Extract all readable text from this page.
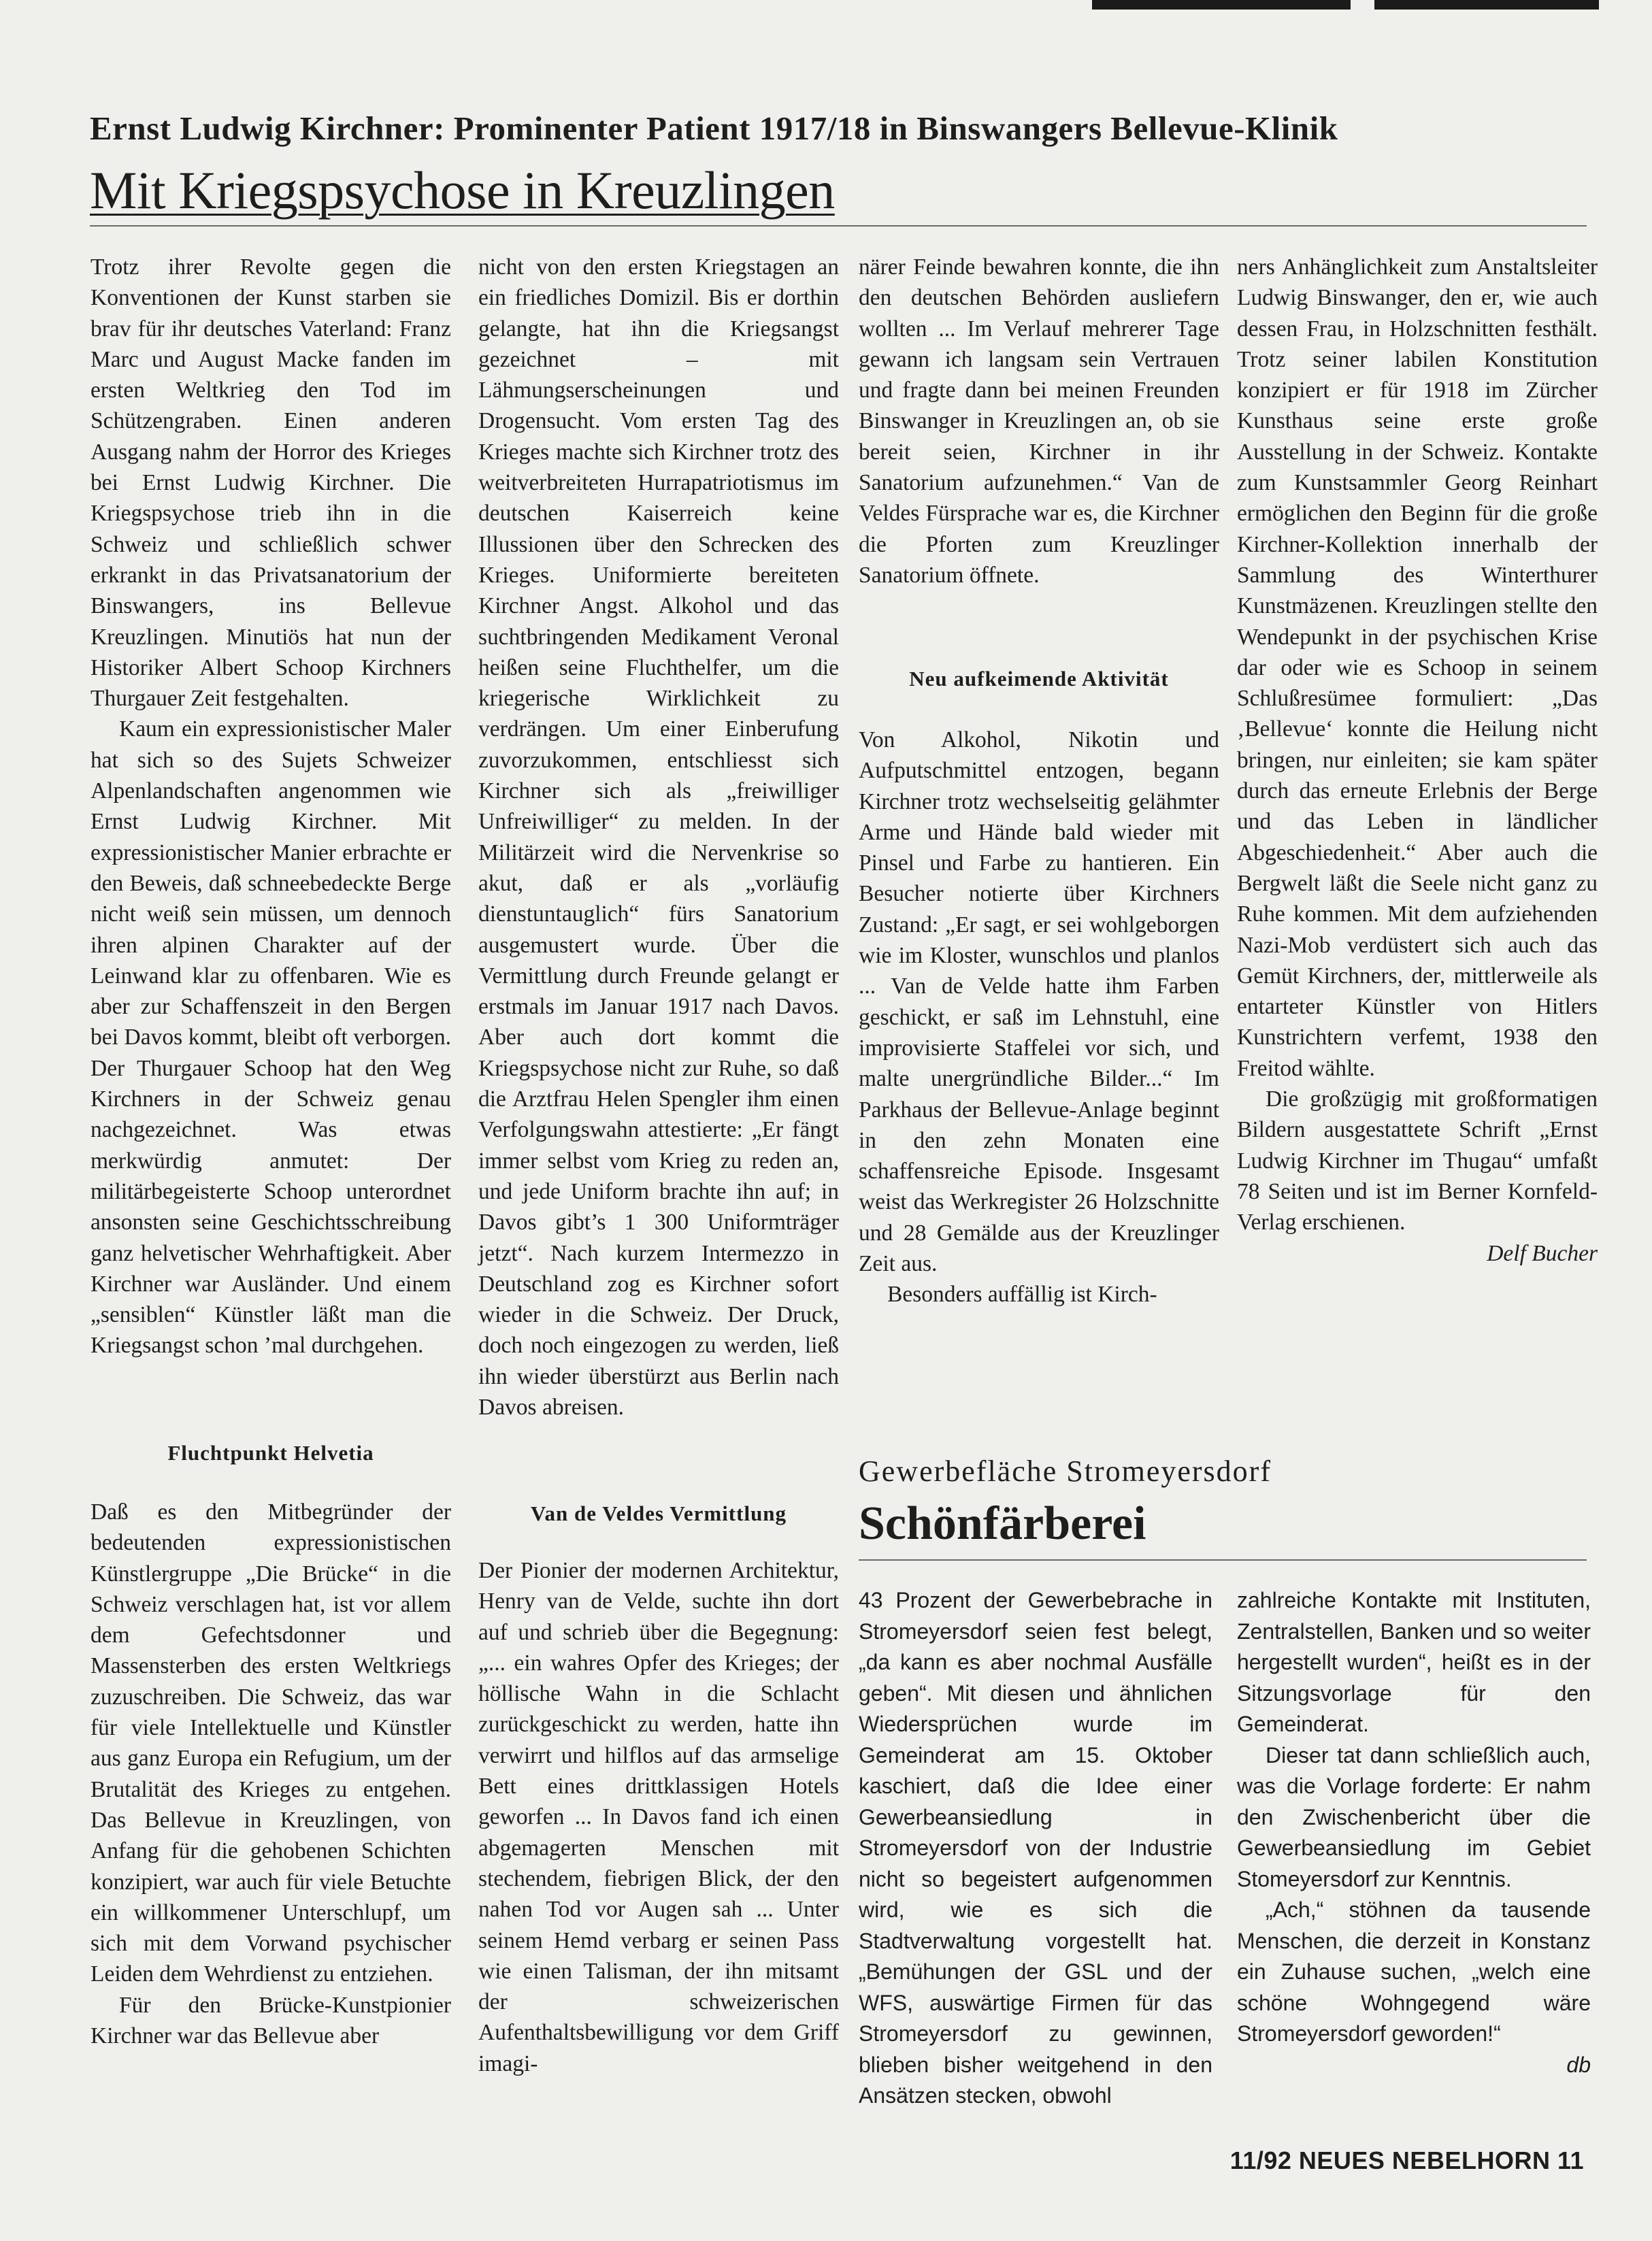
Ernst Ludwig Kirchner: Prominenter Patient 1917/18 in Binswangers Bellevue-Klinik
Mit Kriegspsychose in Kreuzlingen

Trotz ihrer Revolte gegen die Konventionen der Kunst starben sie brav für ihr deutsches Vaterland: Franz Marc und August Macke fanden im ersten Weltkrieg den Tod im Schützengraben. Einen anderen Ausgang nahm der Horror des Krieges bei Ernst Ludwig Kirchner. Die Kriegspsychose trieb ihn in die Schweiz und schließlich schwer erkrankt in das Privatsanatorium der Binswangers, ins Bellevue Kreuzlingen. Minutiös hat nun der Historiker Albert Schoop Kirchners Thurgauer Zeit festgehalten.

Kaum ein expressionistischer Maler hat sich so des Sujets Schweizer Alpenlandschaften angenommen wie Ernst Ludwig Kirchner. Mit expressionistischer Manier erbrachte er den Beweis, daß schneebedeckte Berge nicht weiß sein müssen, um dennoch ihren alpinen Charakter auf der Leinwand klar zu offenbaren. Wie es aber zur Schaffenszeit in den Bergen bei Davos kommt, bleibt oft verborgen. Der Thurgauer Schoop hat den Weg Kirchners in der Schweiz genau nachgezeichnet. Was etwas merkwürdig anmutet: Der militärbegeisterte Schoop unterordnet ansonsten seine Geschichtsschreibung ganz helvetischer Wehrhaftigkeit. Aber Kirchner war Ausländer. Und einem „sensiblen“ Künstler läßt man die Kriegsangst schon ’mal durchgehen.

Fluchtpunkt Helvetia

Daß es den Mitbegründer der bedeutenden expressionistischen Künstlergruppe „Die Brücke“ in die Schweiz verschlagen hat, ist vor allem dem Gefechtsdonner und Massensterben des ersten Weltkriegs zuzuschreiben. Die Schweiz, das war für viele Intellektuelle und Künstler aus ganz Europa ein Refugium, um der Brutalität des Krieges zu entgehen. Das Bellevue in Kreuzlingen, von Anfang für die gehobenen Schichten konzipiert, war auch für viele Betuchte ein willkommener Unterschlupf, um sich mit dem Vorwand psychischer Leiden dem Wehrdienst zu entziehen.

Für den Brücke-Kunstpionier Kirchner war das Bellevue aber

nicht von den ersten Kriegstagen an ein friedliches Domizil. Bis er dorthin gelangte, hat ihn die Kriegsangst gezeichnet – mit Lähmungserscheinungen und Drogensucht. Vom ersten Tag des Krieges machte sich Kirchner trotz des weitverbreiteten Hurrapatriotismus im deutschen Kaiserreich keine Illussionen über den Schrecken des Krieges. Uniformierte bereiteten Kirchner Angst. Alkohol und das suchtbringenden Medikament Veronal heißen seine Fluchthelfer, um die kriegerische Wirklichkeit zu verdrängen. Um einer Einberufung zuvorzukommen, entschliesst sich Kirchner sich als „freiwilliger Unfreiwilliger“ zu melden. In der Militärzeit wird die Nervenkrise so akut, daß er als „vorläufig dienstuntauglich“ fürs Sanatorium ausgemustert wurde. Über die Vermittlung durch Freunde gelangt er erstmals im Januar 1917 nach Davos. Aber auch dort kommt die Kriegspsychose nicht zur Ruhe, so daß die Arztfrau Helen Spengler ihm einen Verfolgungswahn attestierte: „Er fängt immer selbst vom Krieg zu reden an, und jede Uniform brachte ihn auf; in Davos gibt’s 1 300 Uniformträger jetzt“. Nach kurzem Intermezzo in Deutschland zog es Kirchner sofort wieder in die Schweiz. Der Druck, doch noch eingezogen zu werden, ließ ihn wieder überstürzt aus Berlin nach Davos abreisen.

Van de Veldes Vermittlung

Der Pionier der modernen Architektur, Henry van de Velde, suchte ihn dort auf und schrieb über die Begegnung: „... ein wahres Opfer des Krieges; der höllische Wahn in die Schlacht zurückgeschickt zu werden, hatte ihn verwirrt und hilflos auf das armselige Bett eines drittklassigen Hotels geworfen ... In Davos fand ich einen abgemagerten Menschen mit stechendem, fiebrigen Blick, der den nahen Tod vor Augen sah ... Unter seinem Hemd verbarg er seinen Pass wie einen Talisman, der ihn mitsamt der schweizerischen Aufenthaltsbewilligung vor dem Griff imagi-

närer Feinde bewahren konnte, die ihn den deutschen Behörden ausliefern wollten ... Im Verlauf mehrerer Tage gewann ich langsam sein Vertrauen und fragte dann bei meinen Freunden Binswanger in Kreuzlingen an, ob sie bereit seien, Kirchner in ihr Sanatorium aufzunehmen.“ Van de Veldes Fürsprache war es, die Kirchner die Pforten zum Kreuzlinger Sanatorium öffnete.

Neu aufkeimende Aktivität

Von Alkohol, Nikotin und Aufputschmittel entzogen, begann Kirchner trotz wechselseitig gelähmter Arme und Hände bald wieder mit Pinsel und Farbe zu hantieren. Ein Besucher notierte über Kirchners Zustand: „Er sagt, er sei wohlgeborgen wie im Kloster, wunschlos und planlos ... Van de Velde hatte ihm Farben geschickt, er saß im Lehnstuhl, eine improvisierte Staffelei vor sich, und malte unergründliche Bilder...“ Im Parkhaus der Bellevue-Anlage beginnt in den zehn Monaten eine schaffensreiche Episode. Insgesamt weist das Werkregister 26 Holzschnitte und 28 Gemälde aus der Kreuzlinger Zeit aus.

Besonders auffällig ist Kirch-

ners Anhänglichkeit zum Anstaltsleiter Ludwig Binswanger, den er, wie auch dessen Frau, in Holzschnitten festhält. Trotz seiner labilen Konstitution konzipiert er für 1918 im Zürcher Kunsthaus seine erste große Ausstellung in der Schweiz. Kontakte zum Kunstsammler Georg Reinhart ermöglichen den Beginn für die große Kirchner-Kollektion innerhalb der Sammlung des Winterthurer Kunstmäzenen. Kreuzlingen stellte den Wendepunkt in der psychischen Krise dar oder wie es Schoop in seinem Schlußresümee formuliert: „Das ‚Bellevue‘ konnte die Heilung nicht bringen, nur einleiten; sie kam später durch das erneute Erlebnis der Berge und das Leben in ländlicher Abgeschiedenheit.“ Aber auch die Bergwelt läßt die Seele nicht ganz zu Ruhe kommen. Mit dem aufziehenden Nazi-Mob verdüstert sich auch das Gemüt Kirchners, der, mittlerweile als entarteter Künstler von Hitlers Kunstrichtern verfemt, 1938 den Freitod wählte.

Die großzügig mit großformatigen Bildern ausgestattete Schrift „Ernst Ludwig Kirchner im Thugau“ umfaßt 78 Seiten und ist im Berner Kornfeld-Verlag erschienen.

Delf Bucher
Gewerbefläche Stromeyersdorf
Schönfärberei

43 Prozent der Gewerbebrache in Stromeyersdorf seien fest belegt, „da kann es aber nochmal Ausfälle geben“. Mit diesen und ähnlichen Wiedersprüchen wurde im Gemeinderat am 15. Oktober kaschiert, daß die Idee einer Gewerbeansiedlung in Stromeyersdorf von der Industrie nicht so begeistert aufgenommen wird, wie es sich die Stadtverwaltung vorgestellt hat. „Bemühungen der GSL und der WFS, auswärtige Firmen für das Stromeyersdorf zu gewinnen, blieben bisher weitgehend in den Ansätzen stecken, obwohl

zahlreiche Kontakte mit Instituten, Zentralstellen, Banken und so weiter hergestellt wurden“, heißt es in der Sitzungsvorlage für den Gemeinderat.

Dieser tat dann schließlich auch, was die Vorlage forderte: Er nahm den Zwischenbericht über die Gewerbeansiedlung im Gebiet Stomeyersdorf zur Kenntnis.

„Ach,“ stöhnen da tausende Menschen, die derzeit in Konstanz ein Zuhause suchen, „welch eine schöne Wohngegend wäre Stromeyersdorf geworden!“

db
11/92 NEUES NEBELHORN 11
